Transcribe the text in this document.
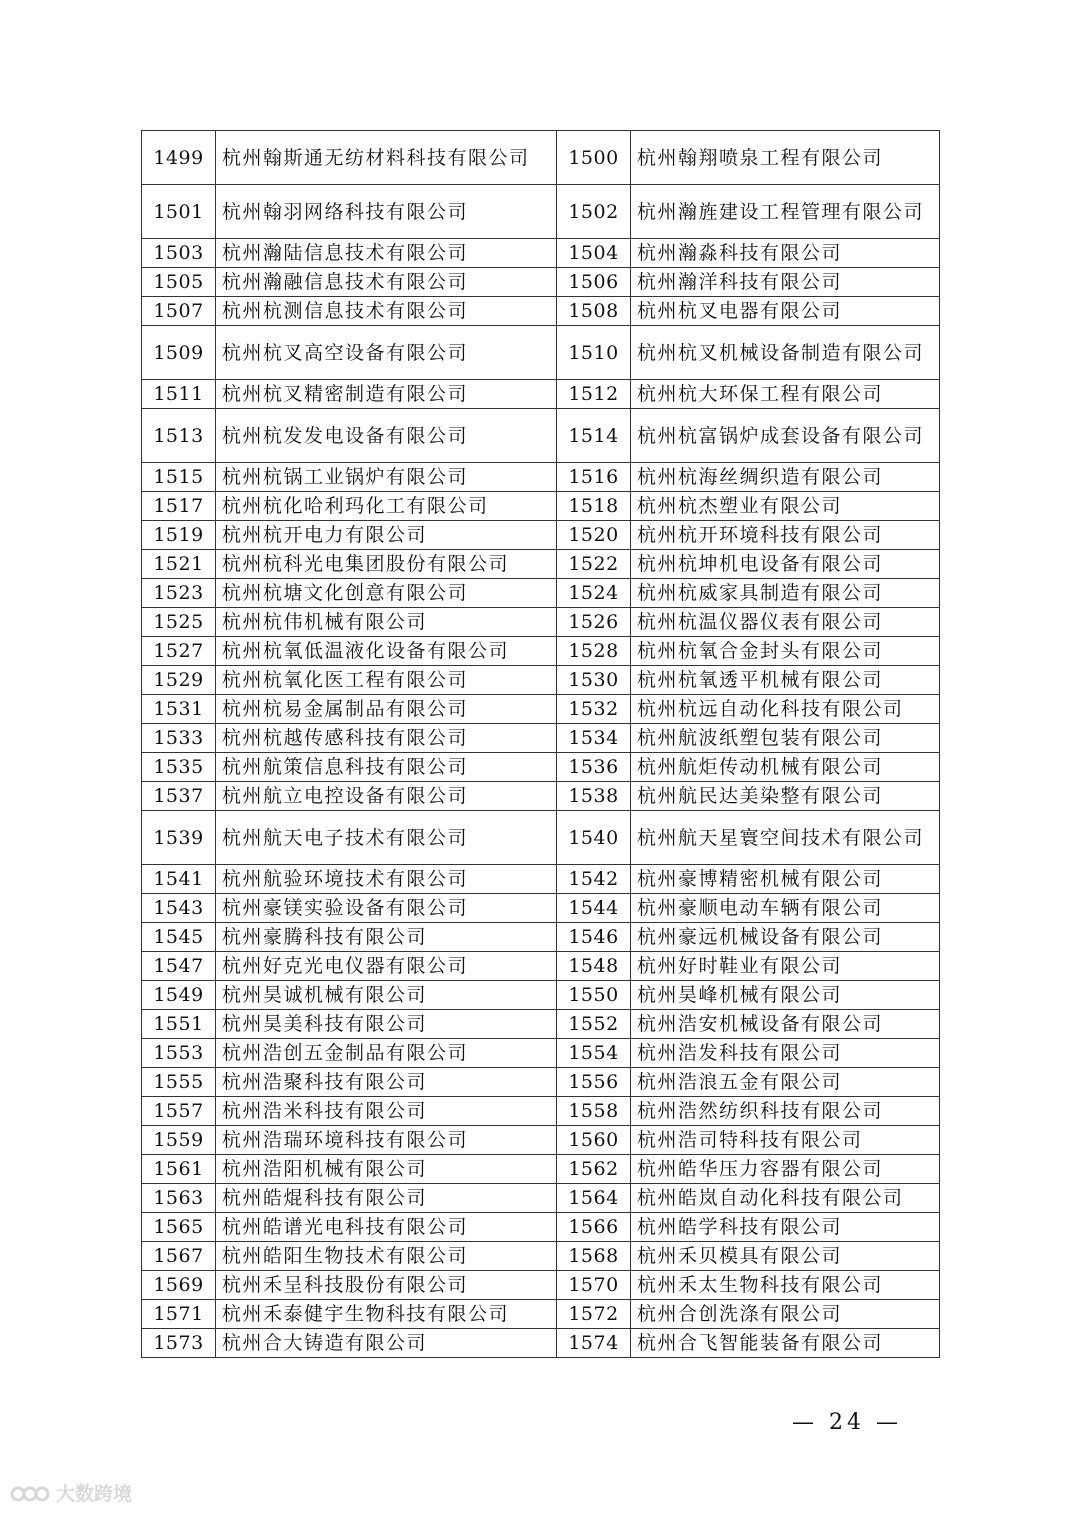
1499	杭州翰斯通无纺材料科技有限公司	1500	杭州翰翔喷泉工程有限公司
1501	杭州翰羽网络科技有限公司	1502	杭州瀚旌建设工程管理有限公司
1503	杭州瀚陆信息技术有限公司	1504	杭州瀚淼科技有限公司
1505	杭州瀚融信息技术有限公司	1506	杭州瀚洋科技有限公司
1507	杭州杭测信息技术有限公司	1508	杭州杭叉电器有限公司
1509	杭州杭叉高空设备有限公司	1510	杭州杭叉机械设备制造有限公司
1511	杭州杭叉精密制造有限公司	1512	杭州杭大环保工程有限公司
1513	杭州杭发发电设备有限公司	1514	杭州杭富锅炉成套设备有限公司
1515	杭州杭锅工业锅炉有限公司	1516	杭州杭海丝绸织造有限公司
1517	杭州杭化哈利玛化工有限公司	1518	杭州杭杰塑业有限公司
1519	杭州杭开电力有限公司	1520	杭州杭开环境科技有限公司
1521	杭州杭科光电集团股份有限公司	1522	杭州杭坤机电设备有限公司
1523	杭州杭塘文化创意有限公司	1524	杭州杭威家具制造有限公司
1525	杭州杭伟机械有限公司	1526	杭州杭温仪器仪表有限公司
1527	杭州杭氧低温液化设备有限公司	1528	杭州杭氧合金封头有限公司
1529	杭州杭氧化医工程有限公司	1530	杭州杭氧透平机械有限公司
1531	杭州杭易金属制品有限公司	1532	杭州杭远自动化科技有限公司
1533	杭州杭越传感科技有限公司	1534	杭州航波纸塑包装有限公司
1535	杭州航策信息科技有限公司	1536	杭州航炬传动机械有限公司
1537	杭州航立电控设备有限公司	1538	杭州航民达美染整有限公司
1539	杭州航天电子技术有限公司	1540	杭州航天星寰空间技术有限公司
1541	杭州航验环境技术有限公司	1542	杭州豪博精密机械有限公司
1543	杭州豪镁实验设备有限公司	1544	杭州豪顺电动车辆有限公司
1545	杭州豪腾科技有限公司	1546	杭州豪远机械设备有限公司
1547	杭州好克光电仪器有限公司	1548	杭州好时鞋业有限公司
1549	杭州昊诚机械有限公司	1550	杭州昊峰机械有限公司
1551	杭州昊美科技有限公司	1552	杭州浩安机械设备有限公司
1553	杭州浩创五金制品有限公司	1554	杭州浩发科技有限公司
1555	杭州浩聚科技有限公司	1556	杭州浩浪五金有限公司
1557	杭州浩米科技有限公司	1558	杭州浩然纺织科技有限公司
1559	杭州浩瑞环境科技有限公司	1560	杭州浩司特科技有限公司
1561	杭州浩阳机械有限公司	1562	杭州皓华压力容器有限公司
1563	杭州皓焜科技有限公司	1564	杭州皓岚自动化科技有限公司
1565	杭州皓谱光电科技有限公司	1566	杭州皓学科技有限公司
1567	杭州皓阳生物技术有限公司	1568	杭州禾贝模具有限公司
1569	杭州禾呈科技股份有限公司	1570	杭州禾太生物科技有限公司
1571	杭州禾泰健宇生物科技有限公司	1572	杭州合创洗涤有限公司
1573	杭州合大铸造有限公司	1574	杭州合飞智能装备有限公司
— 24 —
大数跨境
